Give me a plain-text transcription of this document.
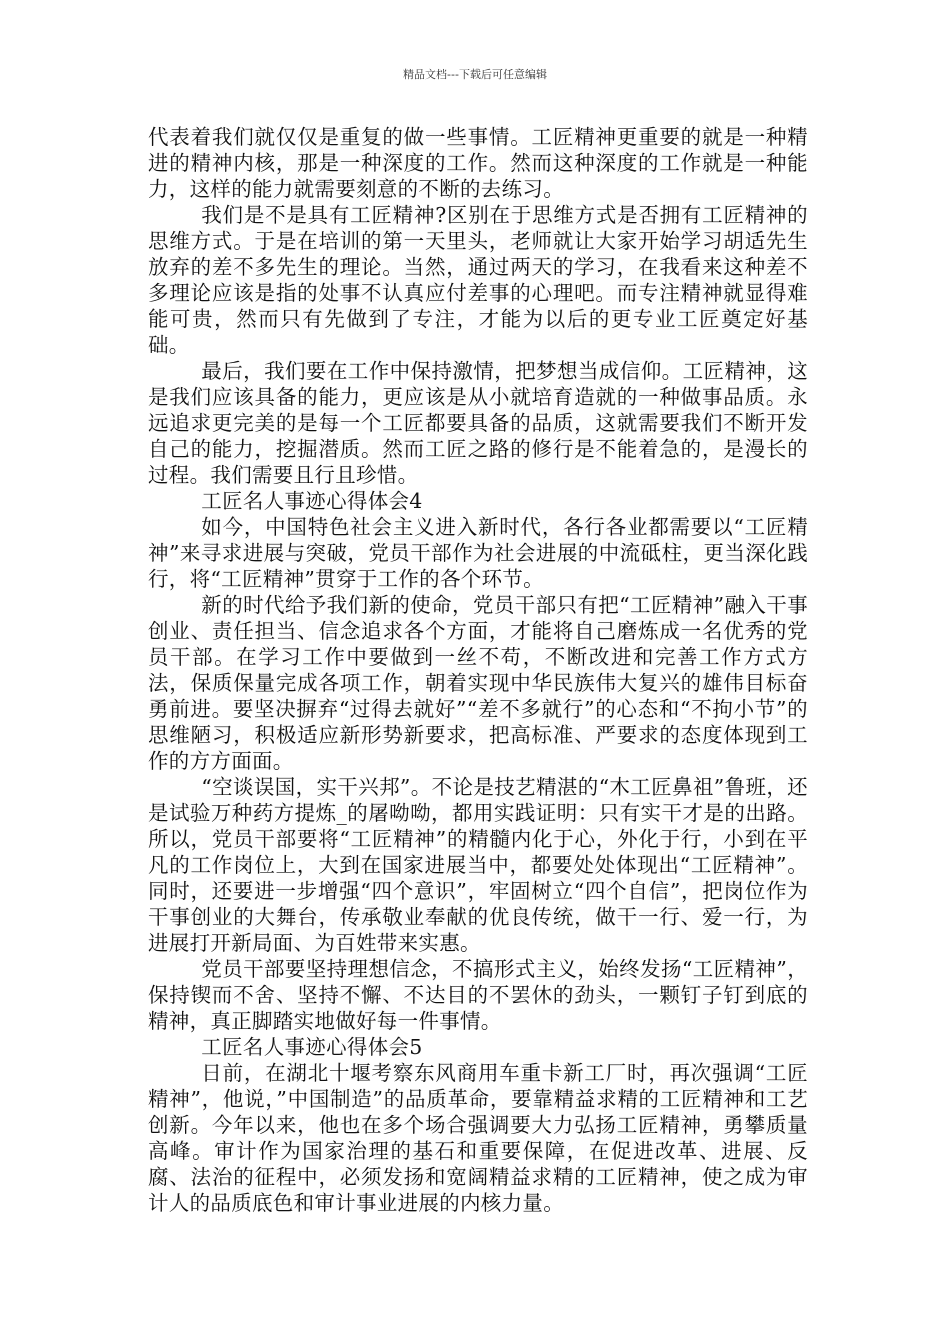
精品文档---下载后可任意编辑

代表着我们就仅仅是重复的做一些事情。工匠精神更重要的就是一种精进的精神内核，那是一种深度的工作。然而这种深度的工作就是一种能力，这样的能力就需要刻意的不断的去练习。

我们是不是具有工匠精神?区别在于思维方式是否拥有工匠精神的思维方式。于是在培训的第一天里头，老师就让大家开始学习胡适先生放弃的差不多先生的理论。当然，通过两天的学习，在我看来这种差不多理论应该是指的处事不认真应付差事的心理吧。而专注精神就显得难能可贵，然而只有先做到了专注，才能为以后的更专业工匠奠定好基础。

最后，我们要在工作中保持激情，把梦想当成信仰。工匠精神，这是我们应该具备的能力，更应该是从小就培育造就的一种做事品质。永远追求更完美的是每一个工匠都要具备的品质，这就需要我们不断开发自己的能力，挖掘潜质。然而工匠之路的修行是不能着急的，是漫长的过程。我们需要且行且珍惜。

工匠名人事迹心得体会4

如今，中国特色社会主义进入新时代，各行各业都需要以“工匠精神”来寻求进展与突破，党员干部作为社会进展的中流砥柱，更当深化践行，将“工匠精神”贯穿于工作的各个环节。

新的时代给予我们新的使命，党员干部只有把“工匠精神”融入干事创业、责任担当、信念追求各个方面，才能将自己磨炼成一名优秀的党员干部。在学习工作中要做到一丝不苟，不断改进和完善工作方式方法，保质保量完成各项工作，朝着实现中华民族伟大复兴的雄伟目标奋勇前进。要坚决摒弃“过得去就好”“差不多就行”的心态和“不拘小节”的思维陋习，积极适应新形势新要求，把高标准、严要求的态度体现到工作的方方面面。

“空谈误国，实干兴邦”。不论是技艺精湛的“木工匠鼻祖”鲁班，还是试验万种药方提炼_的屠呦呦，都用实践证明：只有实干才是的出路。所以，党员干部要将“工匠精神”的精髓内化于心，外化于行，小到在平凡的工作岗位上，大到在国家进展当中，都要处处体现出“工匠精神”。同时，还要进一步增强“四个意识”，牢固树立“四个自信”，把岗位作为干事创业的大舞台，传承敬业奉献的优良传统，做干一行、爱一行，为进展打开新局面、为百姓带来实惠。

党员干部要坚持理想信念，不搞形式主义，始终发扬“工匠精神”，保持锲而不舍、坚持不懈、不达目的不罢休的劲头，一颗钉子钉到底的精神，真正脚踏实地做好每一件事情。

工匠名人事迹心得体会5

日前，在湖北十堰考察东风商用车重卡新工厂时，再次强调“工匠精神”，他说，”中国制造”的品质革命，要靠精益求精的工匠精神和工艺创新。今年以来，他也在多个场合强调要大力弘扬工匠精神，勇攀质量高峰。审计作为国家治理的基石和重要保障，在促进改革、进展、反腐、法治的征程中，必须发扬和宽阔精益求精的工匠精神，使之成为审计人的品质底色和审计事业进展的内核力量。
